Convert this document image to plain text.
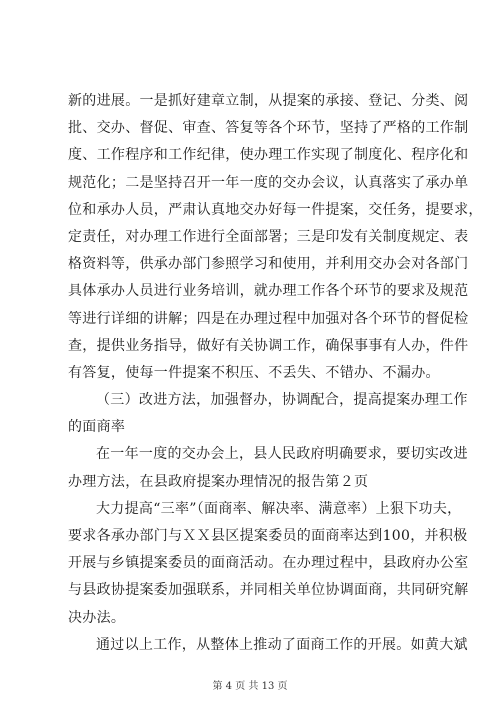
新的进展。一是抓好建章立制，从提案的承接、登记、分类、阅
批、交办、督促、审查、答复等各个环节，坚持了严格的工作制
度、工作程序和工作纪律，使办理工作实现了制度化、程序化和
规范化；二是坚持召开一年一度的交办会议，认真落实了承办单
位和承办人员，严肃认真地交办好每一件提案，交任务，提要求，
定责任，对办理工作进行全面部署；三是印发有关制度规定、表
格资料等，供承办部门参照学习和使用，并利用交办会对各部门
具体承办人员进行业务培训，就办理工作各个环节的要求及规范
等进行详细的讲解；四是在办理过程中加强对各个环节的督促检
查，提供业务指导，做好有关协调工作，确保事事有人办，件件
有答复，使每一件提案不积压、不丢失、不错办、不漏办。
（三）改进方法，加强督办，协调配合，提高提案办理工作
的面商率
在一年一度的交办会上，县人民政府明确要求，要切实改进
办理方法，在县政府提案办理情况的报告第２页
大力提高“三率”（面商率、解决率、满意率）上狠下功夫，
要求各承办部门与ＸＸ县区提案委员的面商率达到100，并积极
开展与乡镇提案委员的面商活动。在办理过程中，县政府办公室
与县政协提案委加强联系，并同相关单位协调面商，共同研究解
决办法。
通过以上工作，从整体上推动了面商工作的开展。如黄大斌
第 4 页 共 13 页
